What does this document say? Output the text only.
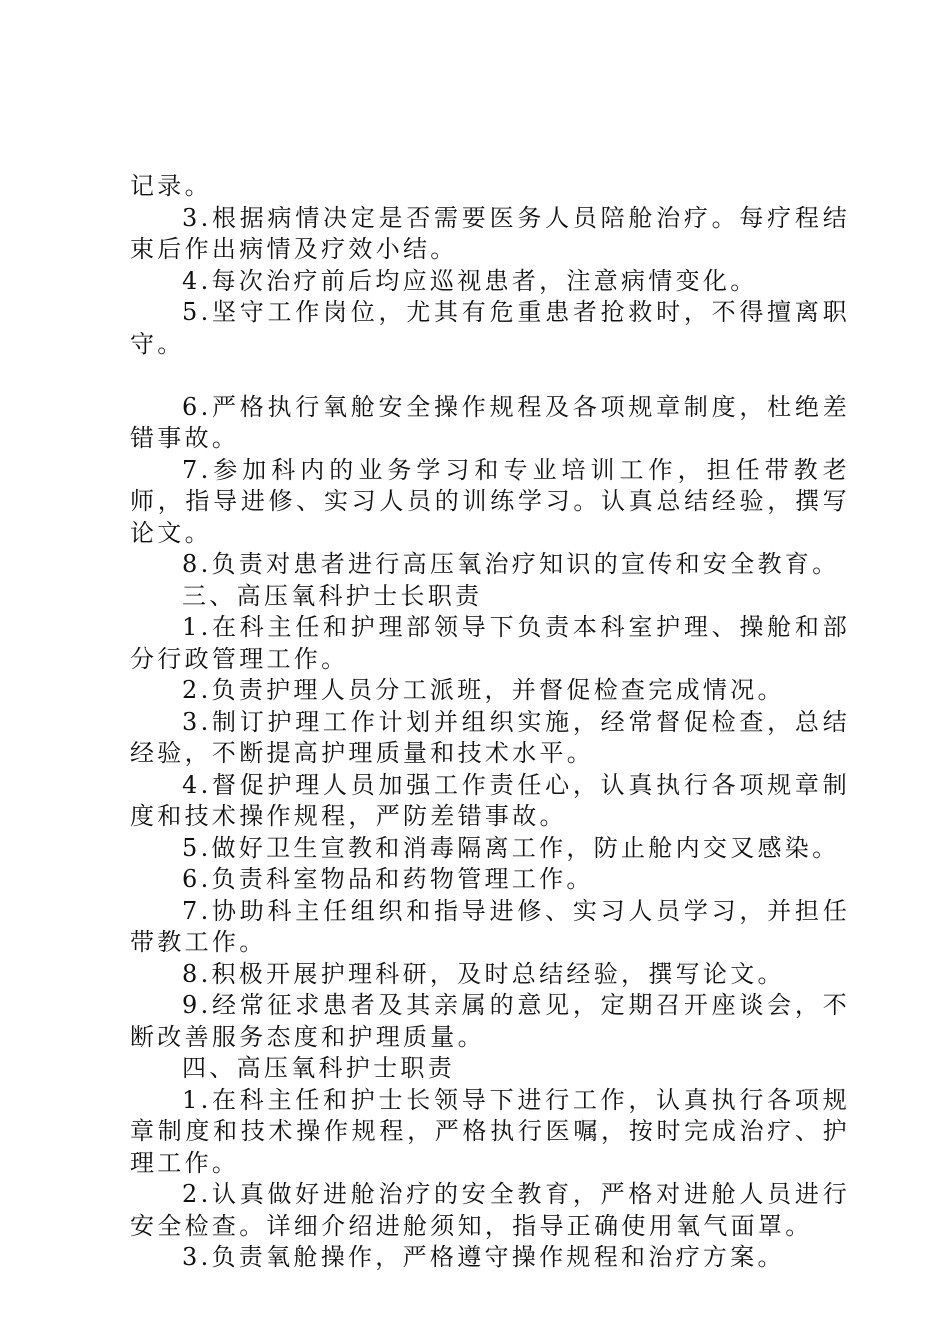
记录。

3.根据病情决定是否需要医务人员陪舱治疗。每疗程结束后作出病情及疗效小结。

4.每次治疗前后均应巡视患者，注意病情变化。

5.坚守工作岗位，尤其有危重患者抢救时，不得擅离职守。

6.严格执行氧舱安全操作规程及各项规章制度，杜绝差错事故。

7.参加科内的业务学习和专业培训工作，担任带教老师，指导进修、实习人员的训练学习。认真总结经验，撰写论文。

8.负责对患者进行高压氧治疗知识的宣传和安全教育。

三、高压氧科护士长职责

1.在科主任和护理部领导下负责本科室护理、操舱和部分行政管理工作。

2.负责护理人员分工派班，并督促检查完成情况。

3.制订护理工作计划并组织实施，经常督促检查，总结经验，不断提高护理质量和技术水平。

4.督促护理人员加强工作责任心，认真执行各项规章制度和技术操作规程，严防差错事故。

5.做好卫生宣教和消毒隔离工作，防止舱内交叉感染。

6.负责科室物品和药物管理工作。

7.协助科主任组织和指导进修、实习人员学习，并担任带教工作。

8.积极开展护理科研，及时总结经验，撰写论文。

9.经常征求患者及其亲属的意见，定期召开座谈会，不断改善服务态度和护理质量。

四、高压氧科护士职责

1.在科主任和护士长领导下进行工作，认真执行各项规章制度和技术操作规程，严格执行医嘱，按时完成治疗、护理工作。

2.认真做好进舱治疗的安全教育，严格对进舱人员进行安全检查。详细介绍进舱须知，指导正确使用氧气面罩。

3.负责氧舱操作，严格遵守操作规程和治疗方案。
